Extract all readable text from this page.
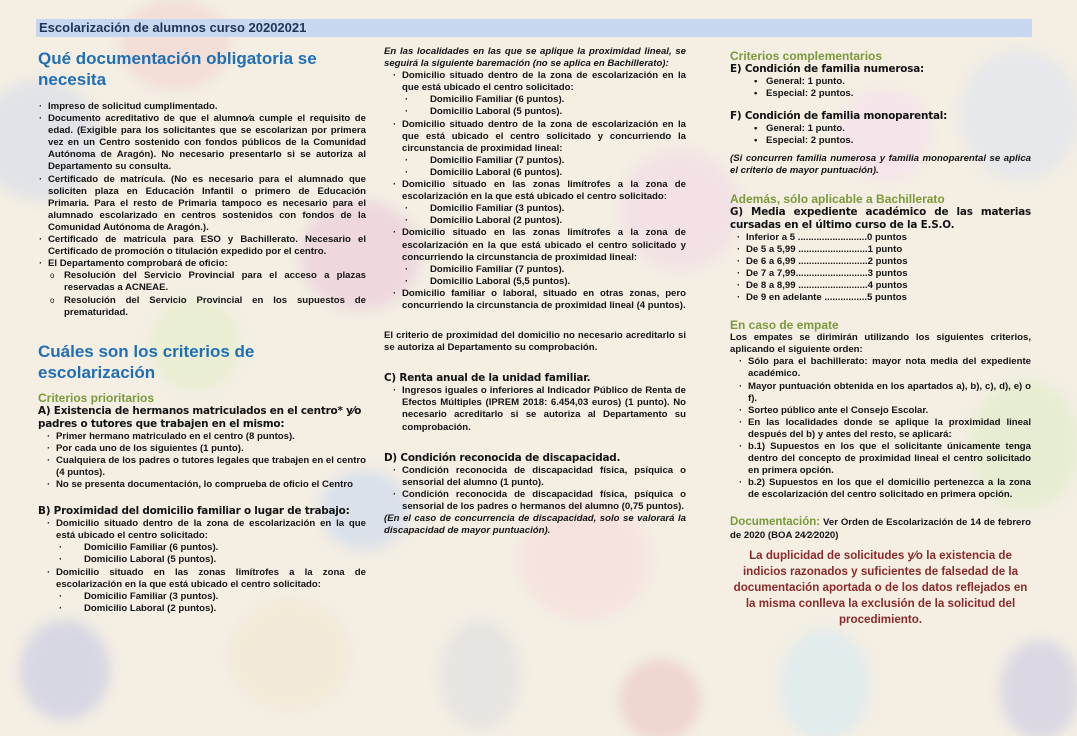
Escolarización de alumnos curso 20202021
Qué documentación obligatoria se necesita
· Impreso de solicitud cumplimentado.
· Documento acreditativo de que el alumno⁄a cumple el requisito de edad. (Exigible para los solicitantes que se escolarizan por primera vez en un Centro sostenido con fondos públicos de la Comunidad Autónoma de Aragón). No necesario presentarlo si se autoriza al Departamento su consulta.
· Certificado de matrícula. (No es necesario para el alumnado que soliciten plaza en Educación Infantil o primero de Educación Primaria. Para el resto de Primaria tampoco es necesario para el alumnado escolarizado en centros sostenidos con fondos de la Comunidad Autónoma de Aragón.).
· Certificado de matrícula para ESO y Bachillerato. Necesario el Certificado de promoción o titulación expedido por el centro.
· El Departamento comprobará de oficio:
o Resolución del Servicio Provincial para el acceso a plazas reservadas a ACNEAE.
o Resolución del Servicio Provincial en los supuestos de prematuridad.
Cuáles son los criterios de escolarización
Criterios prioritarios
A) Existencia de hermanos matriculados en el centro* y⁄o padres o tutores que trabajen en el mismo:
· Primer hermano matriculado en el centro (8 puntos).
· Por cada uno de los siguientes (1 punto).
· Cualquiera de los padres o tutores legales que trabajen en el centro (4 puntos).
· No se presenta documentación, lo comprueba de oficio el Centro
B) Proximidad del domicilio familiar o lugar de trabajo:
· Domicilio situado dentro de la zona de escolarización en la que está ubicado el centro solicitado:
· Domicilio Familiar (6 puntos).
· Domicilio Laboral (5 puntos).
· Domicilio situado en las zonas limítrofes a la zona de escolarización en la que está ubicado el centro solicitado:
· Domicilio Familiar (3 puntos).
· Domicilio Laboral (2 puntos).
En las localidades en las que se aplique la proximidad lineal, se seguirá la siguiente baremación (no se aplica en Bachillerato):
· Domicilio situado dentro de la zona de escolarización en la que está ubicado el centro solicitado:
· Domicilio Familiar (6 puntos).
· Domicilio Laboral (5 puntos).
· Domicilio situado dentro de la zona de escolarización en la que está ubicado el centro solicitado y concurriendo la circunstancia de proximidad lineal:
· Domicilio Familiar (7 puntos).
· Domicilio Laboral (6 puntos).
· Domicilio situado en las zonas limítrofes a la zona de escolarización en la que está ubicado el centro solicitado:
· Domicilio Familiar (3 puntos).
· Domicilio Laboral (2 puntos).
· Domicilio situado en las zonas limítrofes a la zona de escolarización en la que está ubicado el centro solicitado y concurriendo la circunstancia de proximidad lineal:
· Domicilio Familiar (7 puntos).
· Domicilio Laboral (5,5 puntos).
· Domicilio familiar o laboral, situado en otras zonas, pero concurriendo la circunstancia de proximidad lineal (4 puntos).
El criterio de proximidad del domicilio no necesario acreditarlo si se autoriza al Departamento su comprobación.
C) Renta anual de la unidad familiar.
· Ingresos iguales o inferiores al Indicador Público de Renta de Efectos Múltiples (IPREM 2018: 6.454,03 euros) (1 punto). No necesario acreditarlo si se autoriza al Departamento su comprobación.
D) Condición reconocida de discapacidad.
· Condición reconocida de discapacidad física, psíquica o sensorial del alumno (1 punto).
· Condición reconocida de discapacidad física, psíquica o sensorial de los padres o hermanos del alumno (0,75 puntos).
(En el caso de concurrencia de discapacidad, solo se valorará la discapacidad de mayor puntuación).
Criterios complementarios
E) Condición de familia numerosa:
• General: 1 punto.
• Especial: 2 puntos.
F) Condición de familia monoparental:
• General: 1 punto.
• Especial: 2 puntos.
(Si concurren familia numerosa y familia monoparental se aplica el criterio de mayor puntuación).
Además, sólo aplicable a Bachillerato
G) Media expediente académico de las materias cursadas en el último curso de la E.S.O.
· Inferior a 5 ..........................0 puntos
· De 5 a 5,99 ..........................1 punto
· De 6 a 6,99 ..........................2 puntos
· De 7 a 7,99...........................3 puntos
· De 8 a 8,99 ..........................4 puntos
· De 9 en adelante ................5 puntos
En caso de empate
Los empates se dirimirán utilizando los siguientes criterios, aplicando el siguiente orden:
· Sólo para el bachillerato: mayor nota media del expediente académico.
· Mayor puntuación obtenida en los apartados a), b), c), d), e) o f).
· Sorteo público ante el Consejo Escolar.
· En las localidades donde se aplique la proximidad lineal después del b) y antes del resto, se aplicará:
· b.1) Supuestos en los que el solicitante únicamente tenga dentro del concepto de proximidad lineal el centro solicitado en primera opción.
· b.2) Supuestos en los que el domicilio pertenezca a la zona de escolarización del centro solicitado en primera opción.
Documentación: Ver Orden de Escolarización de 14 de febrero de 2020 (BOA 24⁄2⁄2020)
La duplicidad de solicitudes y⁄o la existencia de indicios razonados y suficientes de falsedad de la documentación aportada o de los datos reflejados en la misma conlleva la exclusión de la solicitud del procedimiento.
